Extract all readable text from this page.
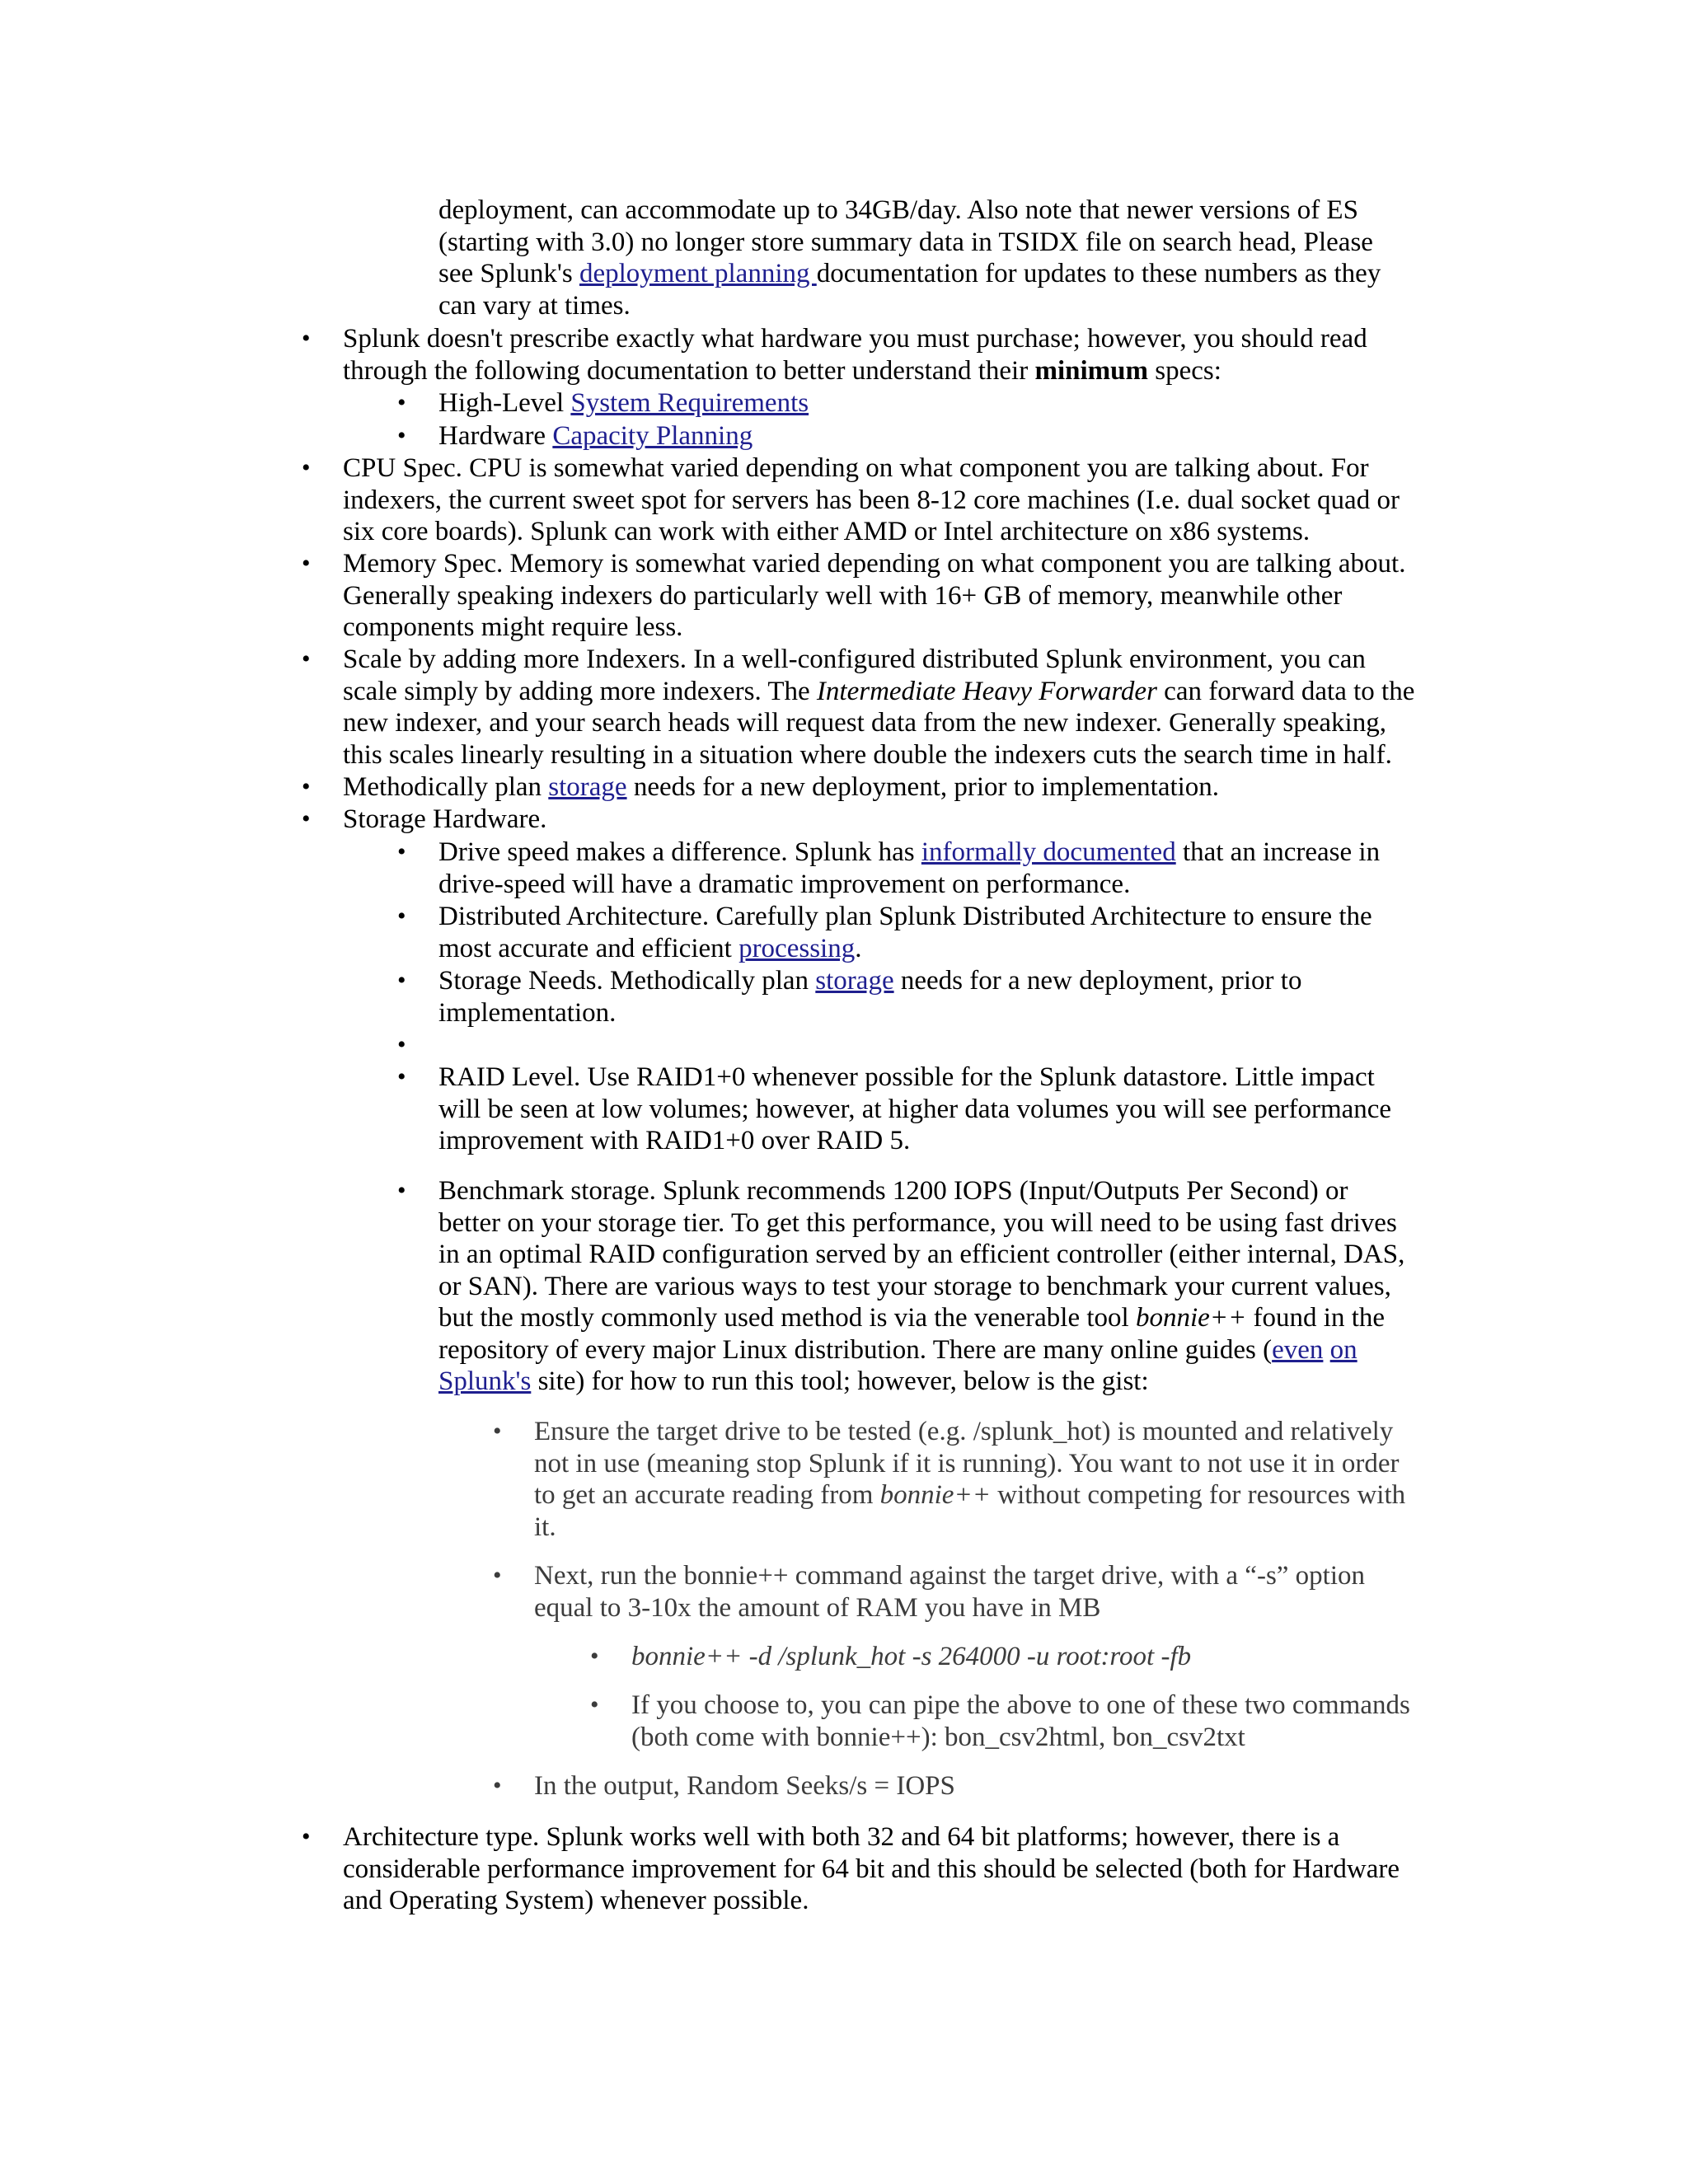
deployment, can accommodate up to 34GB/day. Also note that newer versions of ES
(starting with 3.0) no longer store summary data in TSIDX file on search head, Please
see Splunk's deployment planning documentation for updates to these numbers as they
can vary at times.
• Splunk doesn't prescribe exactly what hardware you must purchase; however, you should read
through the following documentation to better understand their minimum specs:
• High-Level System Requirements
• Hardware Capacity Planning
• CPU Spec. CPU is somewhat varied depending on what component you are talking about. For
indexers, the current sweet spot for servers has been 8-12 core machines (I.e. dual socket quad or
six core boards). Splunk can work with either AMD or Intel architecture on x86 systems.
• Memory Spec. Memory is somewhat varied depending on what component you are talking about.
Generally speaking indexers do particularly well with 16+ GB of memory, meanwhile other
components might require less.
• Scale by adding more Indexers. In a well-configured distributed Splunk environment, you can
scale simply by adding more indexers. The Intermediate Heavy Forwarder can forward data to the
new indexer, and your search heads will request data from the new indexer. Generally speaking,
this scales linearly resulting in a situation where double the indexers cuts the search time in half.
• Methodically plan storage needs for a new deployment, prior to implementation.
• Storage Hardware.
• Drive speed makes a difference. Splunk has informally documented that an increase in
drive-speed will have a dramatic improvement on performance.
• Distributed Architecture. Carefully plan Splunk Distributed Architecture to ensure the
most accurate and efficient processing.
• Storage Needs. Methodically plan storage needs for a new deployment, prior to
implementation.
•
• RAID Level. Use RAID1+0 whenever possible for the Splunk datastore. Little impact
will be seen at low volumes; however, at higher data volumes you will see performance
improvement with RAID1+0 over RAID 5.
• Benchmark storage. Splunk recommends 1200 IOPS (Input/Outputs Per Second) or
better on your storage tier. To get this performance, you will need to be using fast drives
in an optimal RAID configuration served by an efficient controller (either internal, DAS,
or SAN). There are various ways to test your storage to benchmark your current values,
but the mostly commonly used method is via the venerable tool bonnie++ found in the
repository of every major Linux distribution. There are many online guides (even on
Splunk's site) for how to run this tool; however, below is the gist:
• Ensure the target drive to be tested (e.g. /splunk_hot) is mounted and relatively
not in use (meaning stop Splunk if it is running). You want to not use it in order
to get an accurate reading from bonnie++ without competing for resources with
it.
• Next, run the bonnie++ command against the target drive, with a “-s” option
equal to 3-10x the amount of RAM you have in MB
• bonnie++ -d /splunk_hot -s 264000 -u root:root -fb
• If you choose to, you can pipe the above to one of these two commands
(both come with bonnie++): bon_csv2html, bon_csv2txt
• In the output, Random Seeks/s = IOPS
• Architecture type. Splunk works well with both 32 and 64 bit platforms; however, there is a
considerable performance improvement for 64 bit and this should be selected (both for Hardware
and Operating System) whenever possible.
